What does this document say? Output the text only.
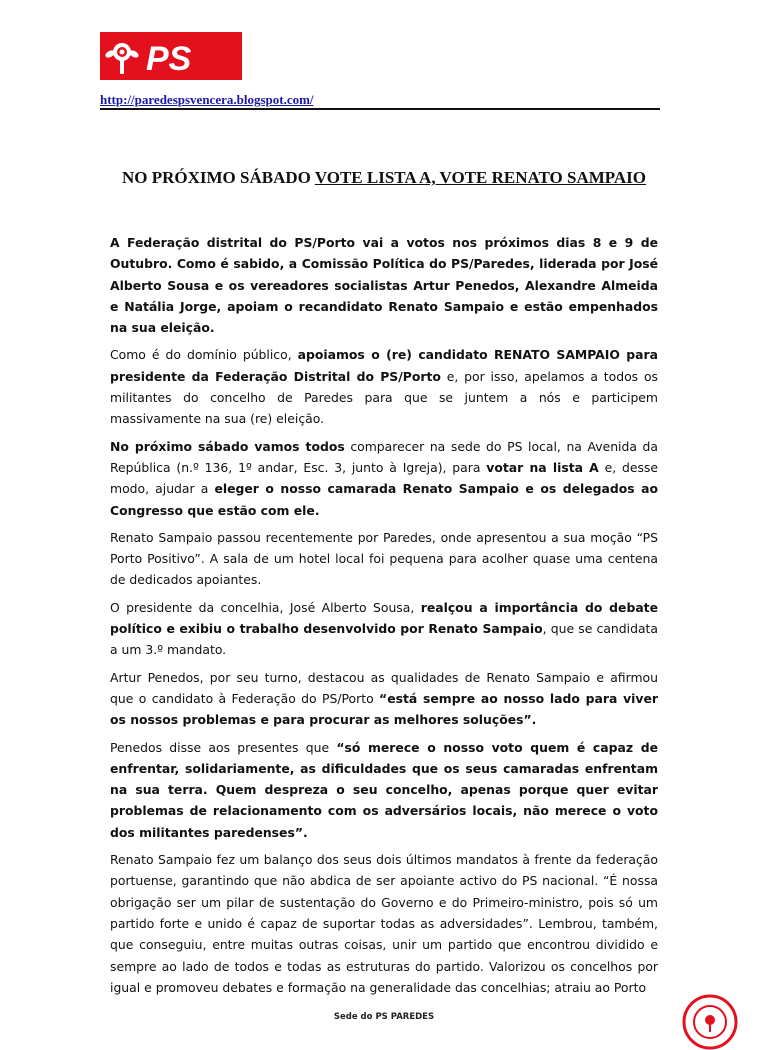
PS
http://paredespsvencera.blogspot.com/
NO PRÓXIMO SÁBADO VOTE LISTA A, VOTE RENATO SAMPAIO

A Federação distrital do PS/Porto vai a votos nos próximos dias 8 e 9 de Outubro. Como é sabido, a Comissão Política do PS/Paredes, liderada por José Alberto Sousa e os vereadores socialistas Artur Penedos, Alexandre Almeida e Natália Jorge, apoiam o recandidato Renato Sampaio e estão empenhados na sua eleição.

Como é do domínio público, apoiamos o (re) candidato RENATO SAMPAIO para presidente da Federação Distrital do PS/Porto e, por isso, apelamos a todos os militantes do concelho de Paredes para que se juntem a nós e participem massivamente na sua (re) eleição.

No próximo sábado vamos todos comparecer na sede do PS local, na Avenida da República (n.º 136, 1º andar, Esc. 3, junto à Igreja), para votar na lista A e, desse modo, ajudar a eleger o nosso camarada Renato Sampaio e os delegados ao Congresso que estão com ele.

Renato Sampaio passou recentemente por Paredes, onde apresentou a sua moção “PS Porto Positivo”. A sala de um hotel local foi pequena para acolher quase uma centena de dedicados apoiantes.

O presidente da concelhia, José Alberto Sousa, realçou a importância do debate político e exibiu o trabalho desenvolvido por Renato Sampaio, que se candidata a um 3.º mandato.

Artur Penedos, por seu turno, destacou as qualidades de Renato Sampaio e afirmou que o candidato à Federação do PS/Porto “está sempre ao nosso lado para viver os nossos problemas e para procurar as melhores soluções”.

Penedos disse aos presentes que “só merece o nosso voto quem é capaz de enfrentar, solidariamente, as dificuldades que os seus camaradas enfrentam na sua terra. Quem despreza o seu concelho, apenas porque quer evitar problemas de relacionamento com os adversários locais, não merece o voto dos militantes paredenses”.

Renato Sampaio fez um balanço dos seus dois últimos mandatos à frente da federação portuense, garantindo que não abdica de ser apoiante activo do PS nacional. “É nossa obrigação ser um pilar de sustentação do Governo e do Primeiro-ministro, pois só um partido forte e unido é capaz de suportar todas as adversidades”. Lembrou, também, que conseguiu, entre muitas outras coisas, unir um partido que encontrou dividido e sempre ao lado de todos e todas as estruturas do partido. Valorizou os concelhos por igual e promoveu debates e formação na generalidade das concelhias; atraiu ao Porto

Sede do PS PAREDES
